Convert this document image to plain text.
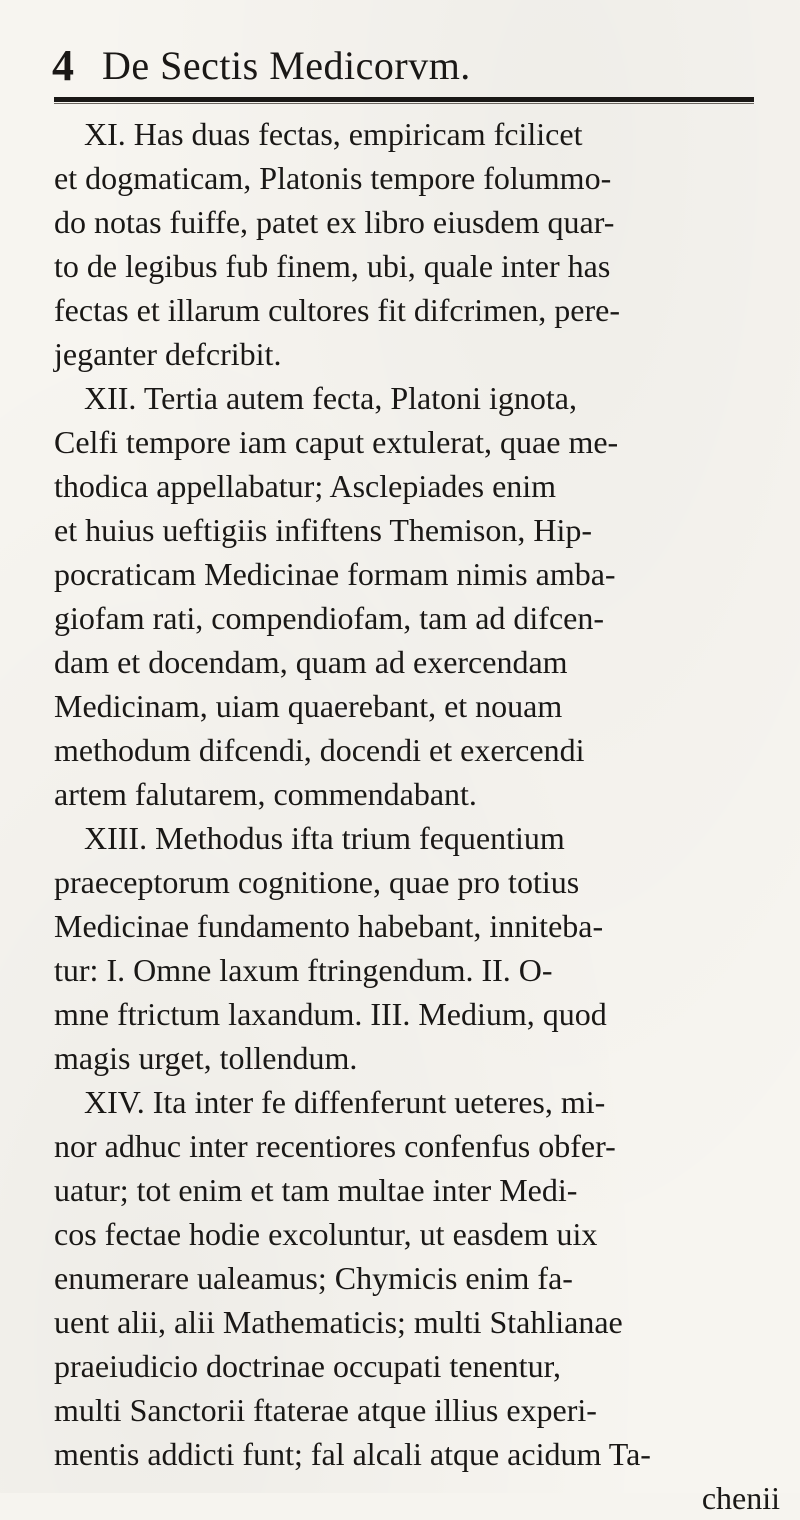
4 De Sectis Medicorvm.
XI. Has duas fectas, empiricam fcilicet
et dogmaticam, Platonis tempore folummo-
do notas fuiffe, patet ex libro eiusdem quar-
to de legibus fub finem, ubi, quale inter has
fectas et illarum cultores fit difcrimen, pere-
jeganter defcribit.
XII. Tertia autem fecta, Platoni ignota,
Celfi tempore iam caput extulerat, quae me-
thodica appellabatur; Asclepiades enim
et huius ueftigiis infiftens Themison, Hip-
pocraticam Medicinae formam nimis amba-
giofam rati, compendiofam, tam ad difcen-
dam et docendam, quam ad exercendam
Medicinam, uiam quaerebant, et nouam
methodum difcendi, docendi et exercendi
artem falutarem, commendabant.
XIII. Methodus ifta trium fequentium
praeceptorum cognitione, quae pro totius
Medicinae fundamento habebant, inniteba-
tur: I. Omne laxum ftringendum. II. O-
mne ftrictum laxandum. III. Medium, quod
magis urget, tollendum.
XIV. Ita inter fe diffenferunt ueteres, mi-
nor adhuc inter recentiores confenfus obfer-
uatur; tot enim et tam multae inter Medi-
cos fectae hodie excoluntur, ut easdem uix
enumerare ualeamus; Chymicis enim fa-
uent alii, alii Mathematicis; multi Stahlianae
praeiudicio doctrinae occupati tenentur,
multi Sanctorii ftaterae atque illius experi-
mentis addicti funt; fal alcali atque acidum Ta-
chenii
